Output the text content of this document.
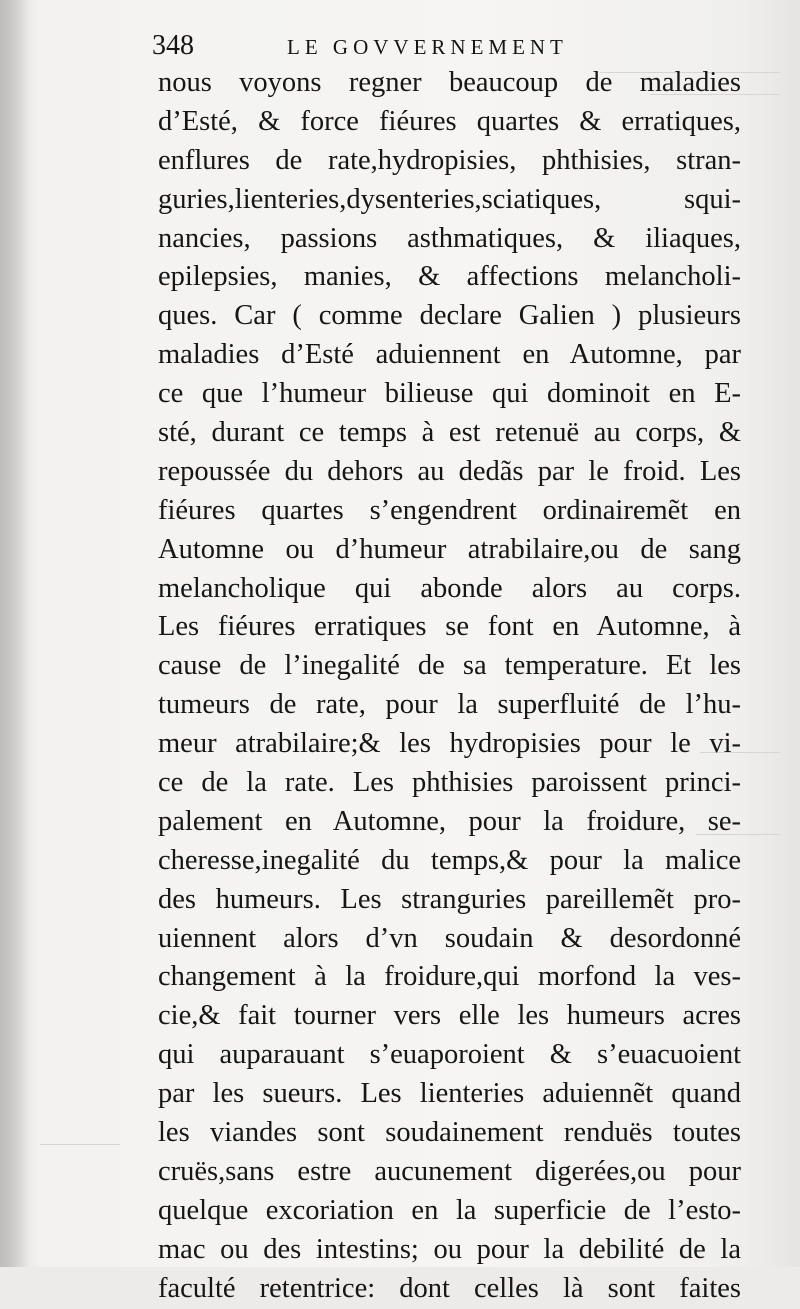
348	LE GOVVERNEMENT
nous voyons regner beaucoup de maladies
d’Esté, & force fiéures quartes & erratiques,
enflures de rate,hydropisies, phthisies, stran-
guries,lienteries,dysenteries,sciatiques, squi-
nancies, passions asthmatiques, & iliaques,
epilepsies, manies, & affections melancholi-
ques. Car ( comme declare Galien ) plusieurs
maladies d’Esté aduiennent en Automne, par
ce que l’humeur bilieuse qui dominoit en E-
sté, durant ce temps à est retenuë au corps, &
repoussée du dehors au dedãs par le froid. Les
fiéures quartes s’engendrent ordinairemẽt en
Automne ou d’humeur atrabilaire,ou de sang
melancholique qui abonde alors au corps.
Les fiéures erratiques se font en Automne, à
cause de l’inegalité de sa temperature. Et les
tumeurs de rate, pour la superfluité de l’hu-
meur atrabilaire;& les hydropisies pour le vi-
ce de la rate. Les phthisies paroissent princi-
palement en Automne, pour la froidure, se-
cheresse,inegalité du temps,& pour la malice
des humeurs. Les stranguries pareillemẽt pro-
uiennent alors d’vn soudain & desordonné
changement à la froidure,qui morfond la ves-
cie,& fait tourner vers elle les humeurs acres
qui auparauant s’euaporoient & s’euacuoient
par les sueurs. Les lienteries aduiennẽt quand
les viandes sont soudainement renduës toutes
cruës,sans estre aucunement digerées,ou pour
quelque excoriation en la superficie de l’esto-
mac ou des intestins; ou pour la debilité de la
faculté retentrice: dont celles là sont faites
